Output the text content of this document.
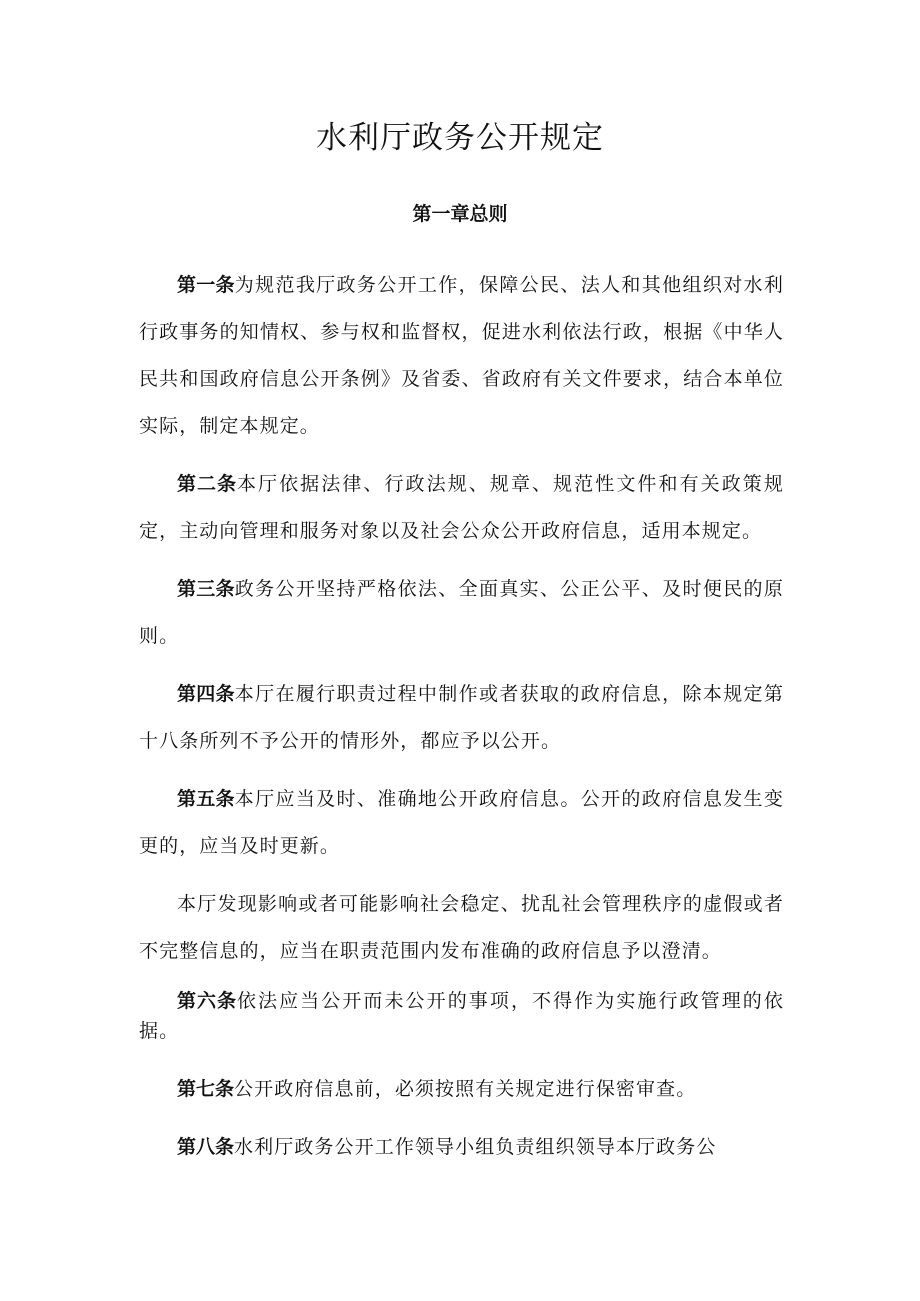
水利厅政务公开规定
第一章总则

第一条为规范我厅政务公开工作，保障公民、法人和其他组织对水利行政事务的知情权、参与权和监督权，促进水利依法行政，根据《中华人民共和国政府信息公开条例》及省委、省政府有关文件要求，结合本单位实际，制定本规定。

第二条本厅依据法律、行政法规、规章、规范性文件和有关政策规定，主动向管理和服务对象以及社会公众公开政府信息，适用本规定。

第三条政务公开坚持严格依法、全面真实、公正公平、及时便民的原则。

第四条本厅在履行职责过程中制作或者获取的政府信息，除本规定第十八条所列不予公开的情形外，都应予以公开。

第五条本厅应当及时、准确地公开政府信息。公开的政府信息发生变更的，应当及时更新。

本厅发现影响或者可能影响社会稳定、扰乱社会管理秩序的虚假或者不完整信息的，应当在职责范围内发布准确的政府信息予以澄清。

第六条依法应当公开而未公开的事项，不得作为实施行政管理的依据。

第七条公开政府信息前，必须按照有关规定进行保密审查。

第八条水利厅政务公开工作领导小组负责组织领导本厅政务公
